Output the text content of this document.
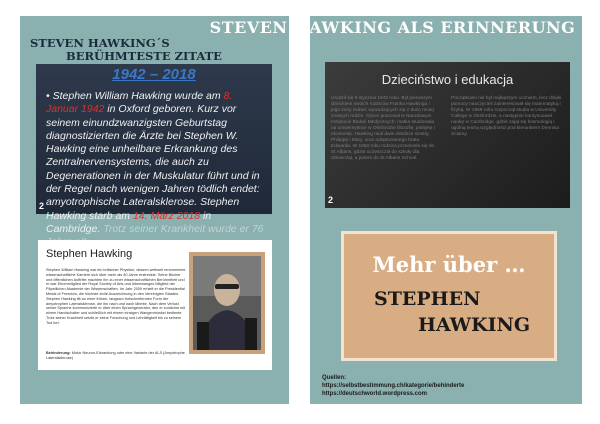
STEVEN HAWKING ALS ERINNERUNG
STEVEN HAWKING´S
BERÜHMTESTE ZITATE
1942 – 2018

• Stephen William Hawking wurde am 8. Januar 1942 in Oxford geboren. Kurz vor seinem einundzwanzigsten Geburtstag diagnostizierten die Ärzte bei Stephen W. Hawking eine unheilbare Erkrankung des Zentralnervensystems, die auch zu Degenerationen in der Muskulatur führt und in der Regel nach wenigen Jahren tödlich endet: amyotrophische Lateralsklerose. Stephen Hawking starb am 14. März 2018 in Cambridge. Trotz seiner Krankheit wurde er 76

2
Dzieciństwo i edukacja

Urodził się 8 stycznia 1942 roku. Był pierwszym dzieckiem swoich rodziców Franka Hawkinga i jego żony Isobel, wywodzących się z dużo mniej znanych rodzin. Ojciec pracował w Narodowym Instytucie Badań Medycznych; matka studiowała na uniwersytecie w Oksfordzie filozofię, politykę i ekonomię. Hawking miał dwie młodsze siostry, Philippę i Mary, oraz adoptowanego brata Edwarda. W 1950 roku rodzina przeniosła się do St Albans, gdzie uczęszczał do szkoły dla dziewcząt, a potem do St Albans School.

Początkowo nie był najlepszym uczniem, lecz dzięki pomocy nauczycieli zainteresował się matematyką i fizyką. W 1959 roku rozpoczął studia w University College w Oksfordzie, a następnie kontynuował naukę w Cambridge, gdzie zajął się kosmologią i ogólną teorią względności pod kierunkiem Dennisa Sciamy.

2
Stephen Hawking

Stephen William Hawking war ein britischer Physiker, dessen weltweit renommierte wissenschaftliche Karriere sich über mehr als 40 Jahre erstreckte. Seine Bücher und öffentlichen Auftritte machten ihn zu einer wissenschaftlichen Berühmtheit und er war Ehrenmitglied der Royal Society of Arts und lebenslanges Mitglied der Päpstlichen Akademie der Wissenschaften. Im Jahr 2009 erhielt er die Presidential Medal of Freedom, die höchste zivile Auszeichnung in den Vereinigten Staaten. Stephen Hawking litt an einer frühen, langsam fortschreitenden Form der amyotrophen Lateralsklerose, die ihn nach und nach lähmte. Nach dem Verlust seiner Sprache kommunizierte er über einen Sprachgenerator, den er zunächst mit einem Handschalter und schließlich mit einem einzigen Wangenmuskel bediente. Trotz seiner Krankheit setzte er seine Forschung und Lehrtätigkeit bis zu seinem Tod fort.

Behinderung: Motor Neuron-Erkrankung oder eine Variante der ALS (Amyotrophe Lateralsklerose)
Mehr über …
STEPHEN
HAWKING
Quellen:
https://selbstbestimmung.ch/kategorie/behinderte
https://deutschworld.wordpress.com
